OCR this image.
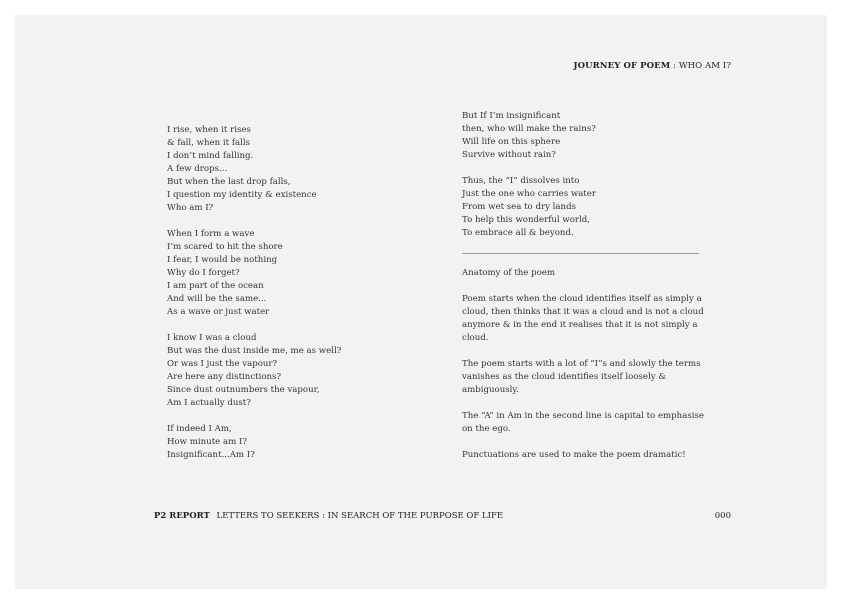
JOURNEY OF POEM : WHO AM I?
I rise, when it rises
& fall, when it falls
I don’t mind falling.
A few drops...
But when the last drop falls,
I question my identity & existence
Who am I?
When I form a wave
I’m scared to hit the shore
I fear, I would be nothing
Why do I forget?
I am part of the ocean
And will be the same...
As a wave or just water
I know I was a cloud
But was the dust inside me, me as well?
Or was I just the vapour?
Are here any distinctions?
Since dust outnumbers the vapour,
Am I actually dust?
If indeed I Am,
How minute am I?
Insignificant...Am I?
But If I’m insignificant
then, who will make the rains?
Will life on this sphere
Survive without rain?
Thus, the “I” dissolves into
Just the one who carries water
From wet sea to dry lands
To help this wonderful world,
To embrace all & beyond.
Anatomy of the poem
Poem starts when the cloud identifies itself as simply a
cloud, then thinks that it was a cloud and is not a cloud
anymore & in the end it realises that it is not simply a
cloud.
The poem starts with a lot of “I”s and slowly the terms
vanishes as the cloud identifies itself loosely &
ambiguously.
The “A” in Am in the second line is capital to emphasise
on the ego.
Punctuations are used to make the poem dramatic!
P2 REPORT LETTERS TO SEEKERS : IN SEARCH OF THE PURPOSE OF LIFE	000
